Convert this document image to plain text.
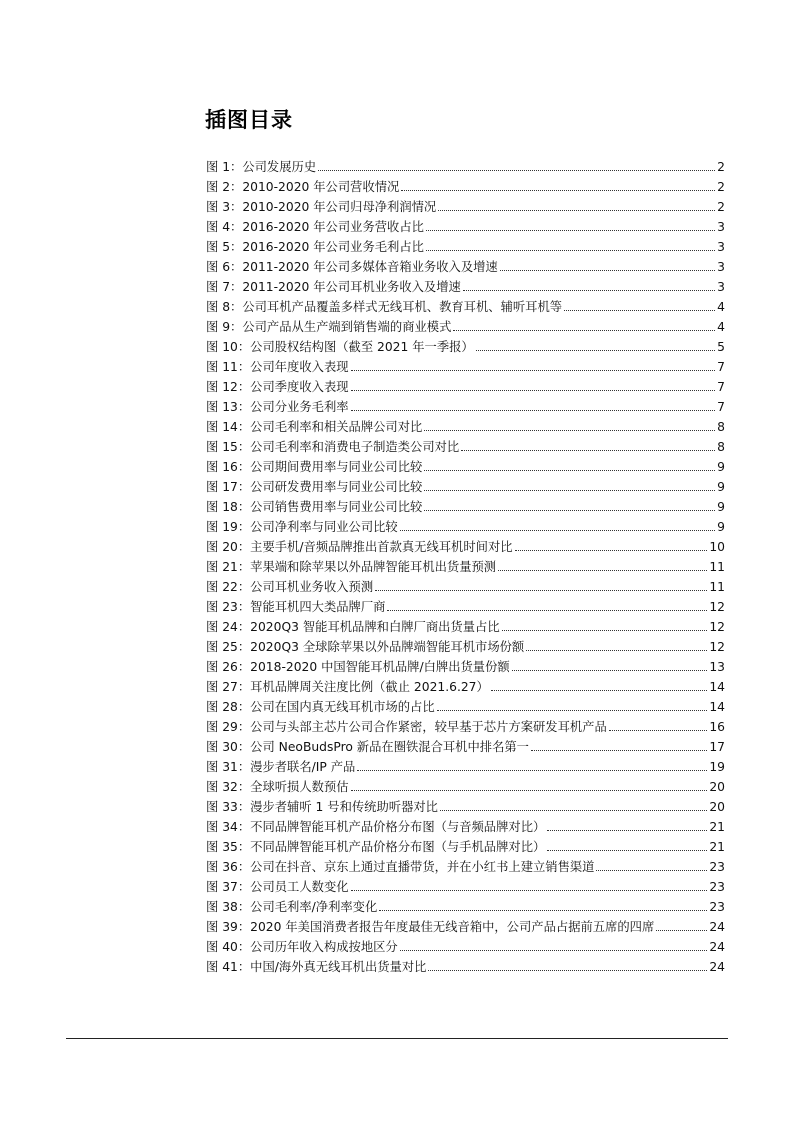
插图目录
图 1：公司发展历史	2
图 2：2010-2020 年公司营收情况	2
图 3：2010-2020 年公司归母净利润情况	2
图 4：2016-2020 年公司业务营收占比	3
图 5：2016-2020 年公司业务毛利占比	3
图 6：2011-2020 年公司多媒体音箱业务收入及增速	3
图 7：2011-2020 年公司耳机业务收入及增速	3
图 8：公司耳机产品覆盖多样式无线耳机、教育耳机、辅听耳机等	4
图 9：公司产品从生产端到销售端的商业模式	4
图 10：公司股权结构图（截至 2021 年一季报）	5
图 11：公司年度收入表现	7
图 12：公司季度收入表现	7
图 13：公司分业务毛利率	7
图 14：公司毛利率和相关品牌公司对比	8
图 15：公司毛利率和消费电子制造类公司对比	8
图 16：公司期间费用率与同业公司比较	9
图 17：公司研发费用率与同业公司比较	9
图 18：公司销售费用率与同业公司比较	9
图 19：公司净利率与同业公司比较	9
图 20：主要手机/音频品牌推出首款真无线耳机时间对比	10
图 21：苹果端和除苹果以外品牌智能耳机出货量预测	11
图 22：公司耳机业务收入预测	11
图 23：智能耳机四大类品牌厂商	12
图 24：2020Q3 智能耳机品牌和白牌厂商出货量占比	12
图 25：2020Q3 全球除苹果以外品牌端智能耳机市场份额	12
图 26：2018-2020 中国智能耳机品牌/白牌出货量份额	13
图 27：耳机品牌周关注度比例（截止 2021.6.27）	14
图 28：公司在国内真无线耳机市场的占比	14
图 29：公司与头部主芯片公司合作紧密，较早基于芯片方案研发耳机产品	16
图 30：公司 NeoBudsPro 新品在圈铁混合耳机中排名第一	17
图 31：漫步者联名/IP 产品	19
图 32：全球听损人数预估	20
图 33：漫步者辅听 1 号和传统助听器对比	20
图 34：不同品牌智能耳机产品价格分布图（与音频品牌对比）	21
图 35：不同品牌智能耳机产品价格分布图（与手机品牌对比）	21
图 36：公司在抖音、京东上通过直播带货，并在小红书上建立销售渠道	23
图 37：公司员工人数变化	23
图 38：公司毛利率/净利率变化	23
图 39：2020 年美国消费者报告年度最佳无线音箱中，公司产品占据前五席的四席	24
图 40：公司历年收入构成按地区分	24
图 41：中国/海外真无线耳机出货量对比	24
